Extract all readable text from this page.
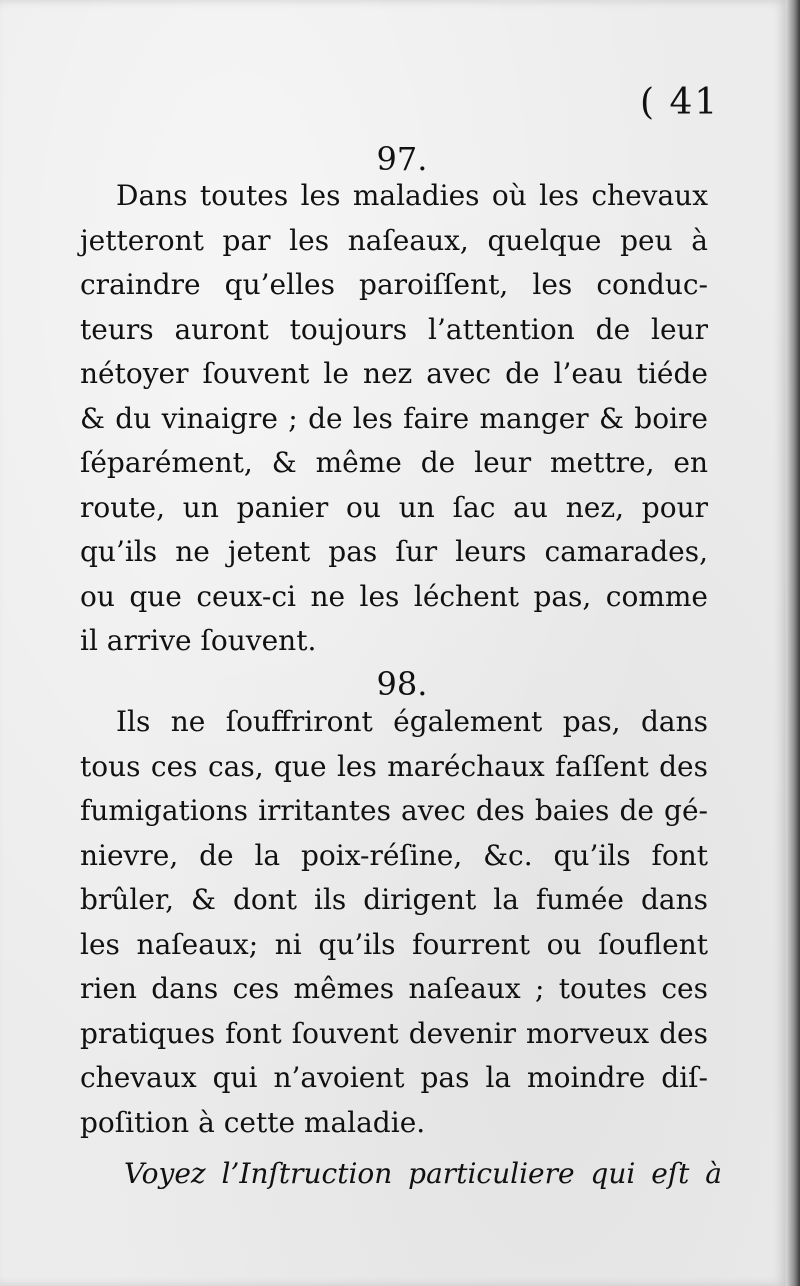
( 41
97.
Dans toutes les maladies où les chevaux
jetteront par les naſeaux, quelque peu à
craindre qu’elles paroiſſent, les conduc-
teurs auront toujours l’attention de leur
nétoyer ſouvent le nez avec de l’eau tiéde
& du vinaigre ; de les faire manger & boire
ſéparément, & même de leur mettre, en
route, un panier ou un ſac au nez, pour
qu’ils ne jetent pas ſur leurs camarades,
ou que ceux-ci ne les léchent pas, comme
il arrive ſouvent.
98.
Ils ne ſouffriront également pas, dans
tous ces cas, que les maréchaux faſſent des
fumigations irritantes avec des baies de gé-
nievre, de la poix-réſine, &c. qu’ils font
brûler, & dont ils dirigent la fumée dans
les naſeaux; ni qu’ils fourrent ou ſouflent
rien dans ces mêmes naſeaux ; toutes ces
pratiques font ſouvent devenir morveux des
chevaux qui n’avoient pas la moindre diſ-
poſition à cette maladie.
Voyez l’Inſtruction particuliere qui eſt à
